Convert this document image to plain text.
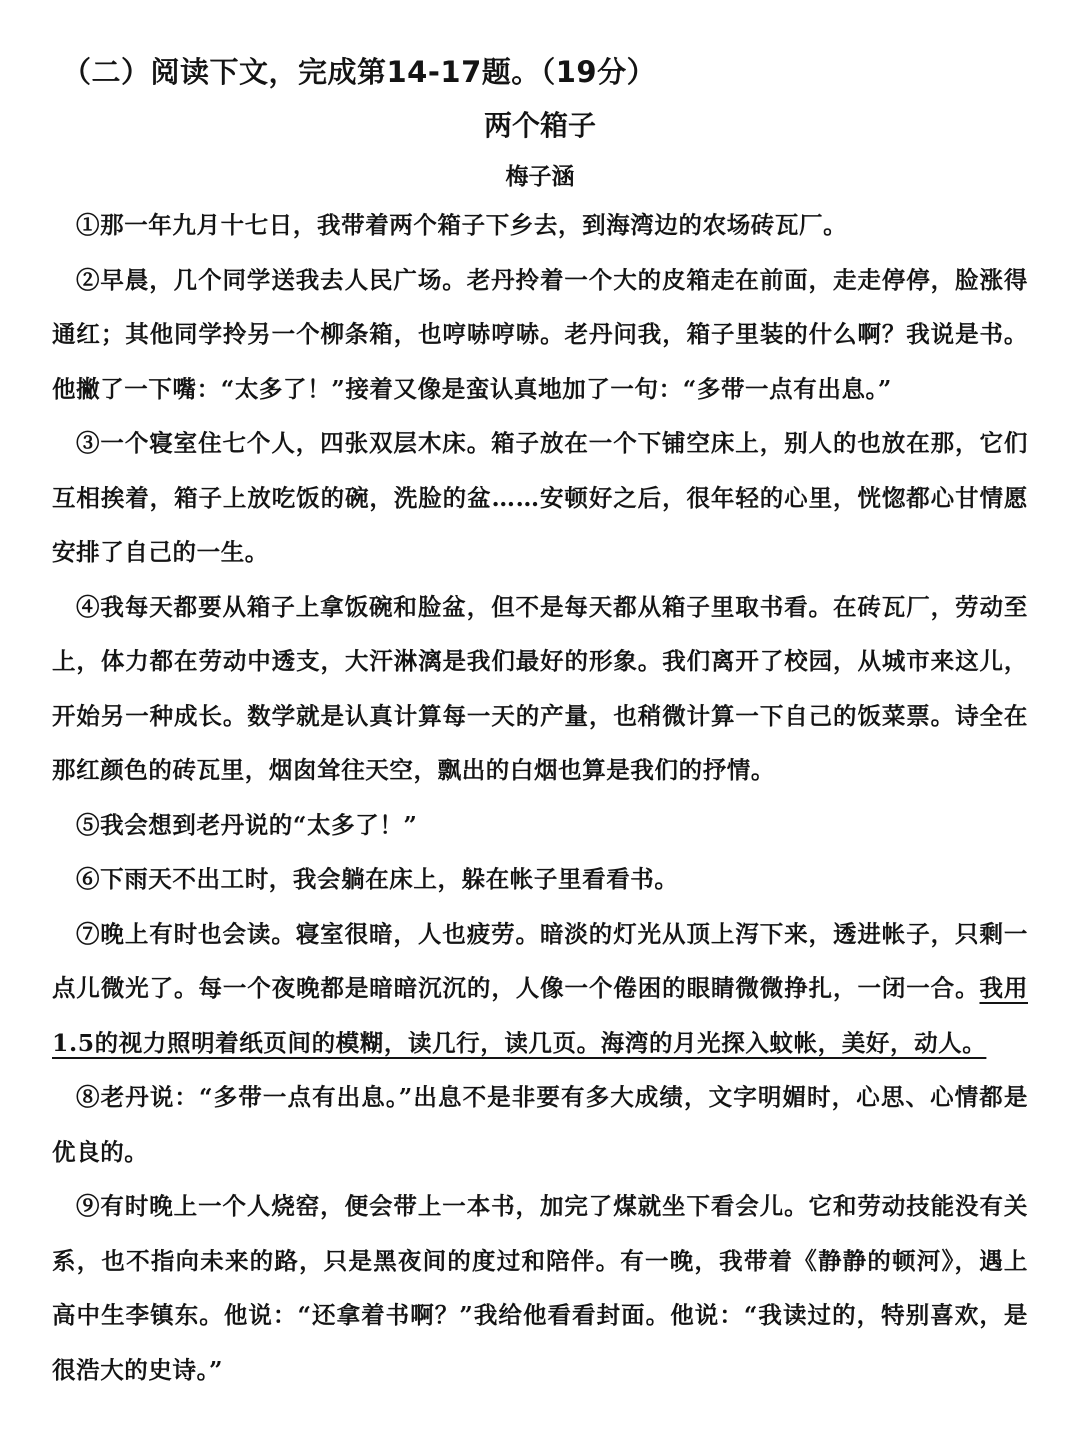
（二）阅读下文，完成第14-17题。（19分）
两个箱子
梅子涵

①那一年九月十七日，我带着两个箱子下乡去，到海湾边的农场砖瓦厂。

②早晨，几个同学送我去人民广场。老丹拎着一个大的皮箱走在前面，走走停停，脸涨得通红；其他同学拎另一个柳条箱，也哼哧哼哧。老丹问我，箱子里装的什么啊？我说是书。他撇了一下嘴：“太多了！”接着又像是蛮认真地加了一句：“多带一点有出息。”

③一个寝室住七个人，四张双层木床。箱子放在一个下铺空床上，别人的也放在那，它们互相挨着，箱子上放吃饭的碗，洗脸的盆……安顿好之后，很年轻的心里，恍惚都心甘情愿安排了自己的一生。

④我每天都要从箱子上拿饭碗和脸盆，但不是每天都从箱子里取书看。在砖瓦厂，劳动至上，体力都在劳动中透支，大汗淋漓是我们最好的形象。我们离开了校园，从城市来这儿，开始另一种成长。数学就是认真计算每一天的产量，也稍微计算一下自己的饭菜票。诗全在那红颜色的砖瓦里，烟囱耸往天空，飘出的白烟也算是我们的抒情。

⑤我会想到老丹说的“太多了！”

⑥下雨天不出工时，我会躺在床上，躲在帐子里看看书。

⑦晚上有时也会读。寝室很暗，人也疲劳。暗淡的灯光从顶上泻下来，透进帐子，只剩一点儿微光了。每一个夜晚都是暗暗沉沉的，人像一个倦困的眼睛微微挣扎，一闭一合。我用1.5的视力照明着纸页间的模糊，读几行，读几页。海湾的月光探入蚊帐，美好，动人。

⑧老丹说：“多带一点有出息。”出息不是非要有多大成绩，文字明媚时，心思、心情都是优良的。

⑨有时晚上一个人烧窑，便会带上一本书，加完了煤就坐下看会儿。它和劳动技能没有关系，也不指向未来的路，只是黑夜间的度过和陪伴。有一晚，我带着《静静的顿河》，遇上高中生李镇东。他说：“还拿着书啊？”我给他看看封面。他说：“我读过的，特别喜欢，是很浩大的史诗。”
